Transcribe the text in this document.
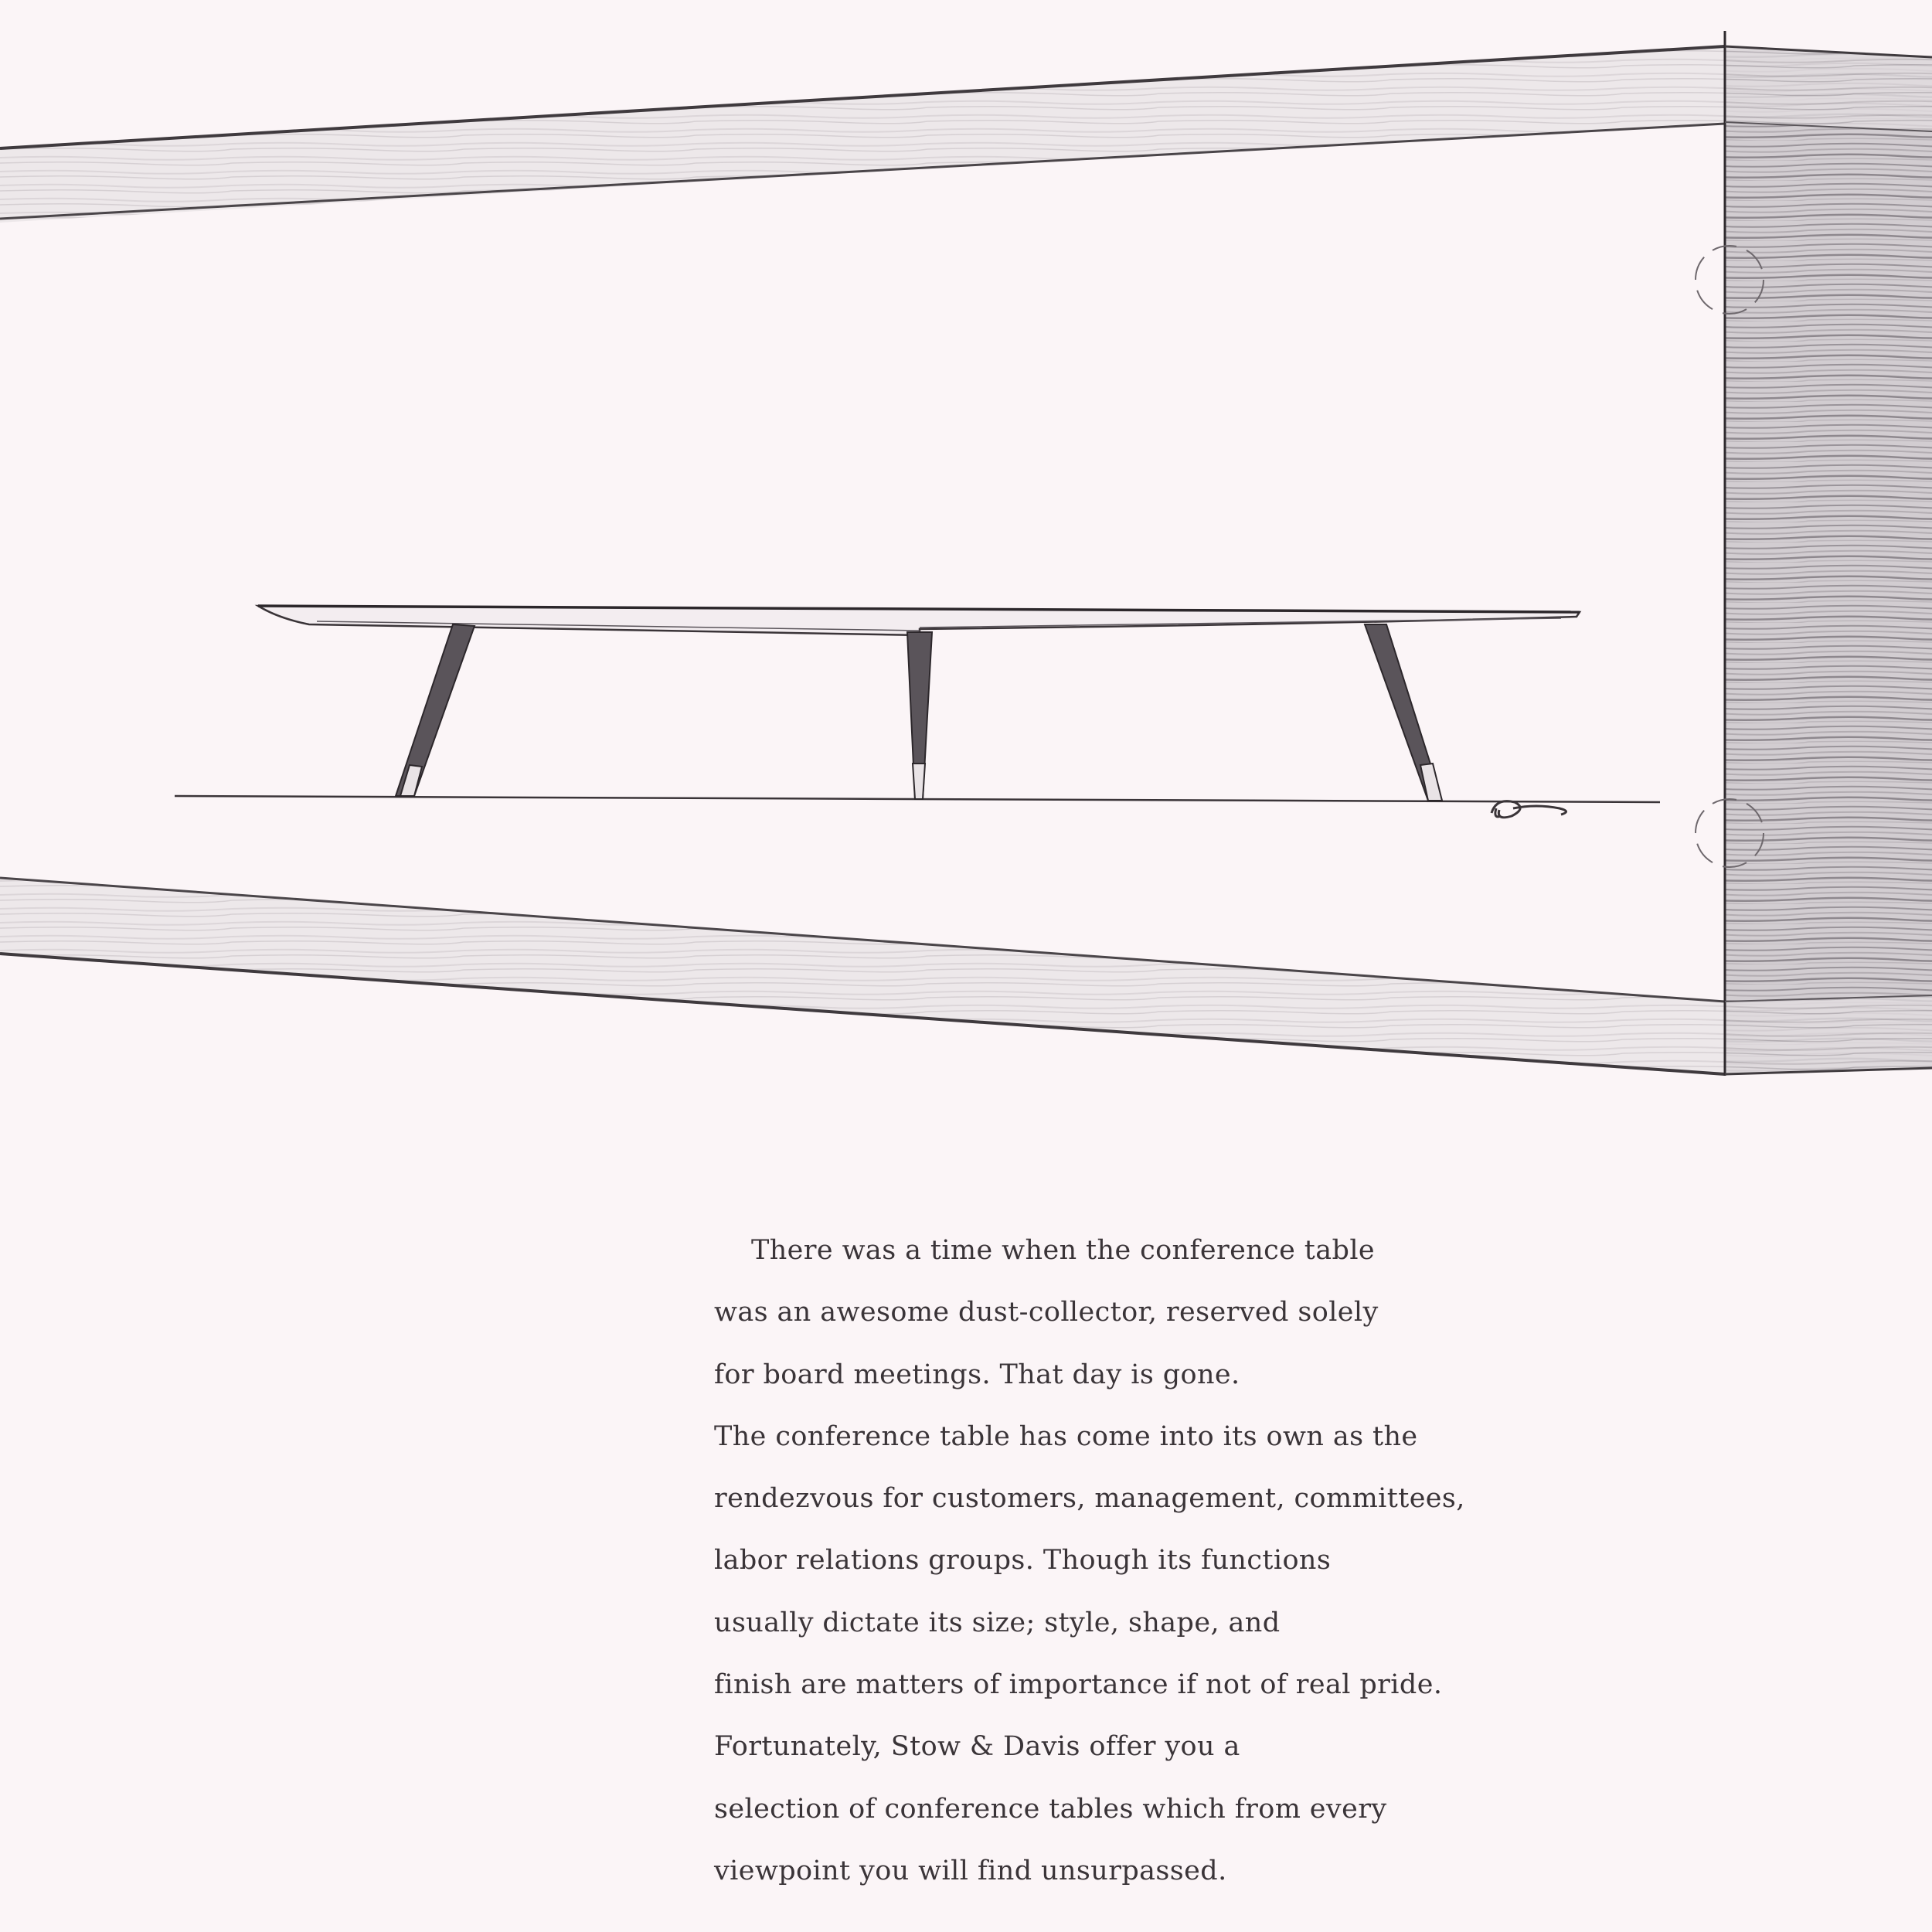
There was a time when the conference table
was an awesome dust-collector, reserved solely
for board meetings. That day is gone.
The conference table has come into its own as the
rendezvous for customers, management, committees,
labor relations groups. Though its functions
usually dictate its size; style, shape, and
finish are matters of importance if not of real pride.
Fortunately, Stow & Davis offer you a
selection of conference tables which from every
viewpoint you will find unsurpassed.
